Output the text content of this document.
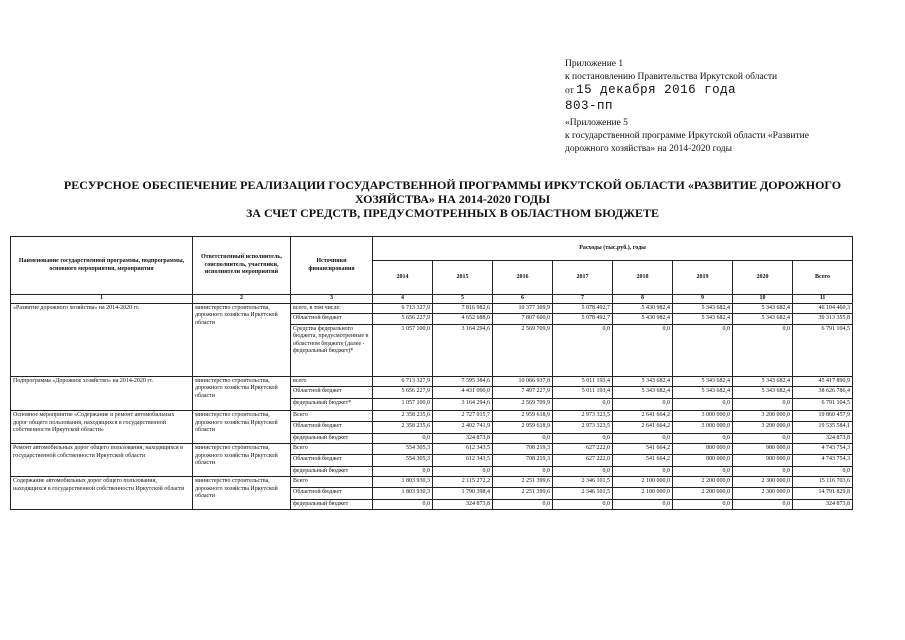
Приложение 1
к постановлению Правительства Иркутской области
от 15 декабря 2016 года
803-пп
«Приложение 5
к государственной программе Иркутской области «Развитие
дорожного хозяйства» на 2014-2020 годы
РЕСУРСНОЕ ОБЕСПЕЧЕНИЕ РЕАЛИЗАЦИИ ГОСУДАРСТВЕННОЙ ПРОГРАММЫ ИРКУТСКОЙ ОБЛАСТИ «РАЗВИТИЕ ДОРОЖНОГО
ХОЗЯЙСТВА» НА 2014-2020 ГОДЫ
ЗА СЧЕТ СРЕДСТВ, ПРЕДУСМОТРЕННЫХ В ОБЛАСТНОМ БЮДЖЕТЕ
Наименование государственной программы, подпрограммы, основного мероприятия, мероприятия	Ответственный исполнитель, соисполнитель, участники, исполнители мероприятий	Источники финансирования	Расходы (тыс.руб.), годы							
			2014	2015	2016	2017	2018	2019	2020	Всего
1	2	3	4	5	6	7	8	9	10	11
«Развитие дорожного хозяйства» на 2014-2020 гг.	министерство строительства, дорожного хозяйства Иркутской области	всего, в том числе:	6 713 327,9	7 816 982,6	10 377 309,9	5 078 492,7	5 430 982,4	5 343 682,4	5 343 682,4	46 104 460,3
		Областной бюджет	5 656 227,9	4 652 688,0	7 807 600,0	5 078 492,7	5 430 982,4	5 343 682,4	5 343 682,4	39 313 355,8
		Средства федерального бюджета, предусмотренные в областном бюджете (далее - федеральный бюджет)*	1 057 100,0	3 164 294,6	2 569 709,9	0,0	0,0	0,0	0,0	6 791 104,5
Подпрограмма «Дорожное хозяйство» на 2014-2020 гг.	министерство строительства, дорожного хозяйства Иркутской области	всего	6 713 327,9	7 595 384,6	10 066 937,8	5 011 193,4	5 343 682,4	5 343 682,4	5 343 682,4	45 417 890,9
		Областной бюджет	5 656 227,9	4 431 090,0	7 497 227,9	5 011 193,4	5 343 682,4	5 343 682,4	5 343 682,4	38 626 786,4
		федеральный бюджет*	1 057 100,0	3 164 294,6	2 569 709,9	0,0	0,0	0,0	0,0	6 791 104,5
Основное мероприятие «Содержание и ремонт автомобильных дорог общего пользования, находящихся в государственной собственности Иркутской области»	министерство строительства, дорожного хозяйства Иркутской области	Всего	2 358 235,6	2 727 015,7	2 959 618,9	2 973 323,5	2 641 664,2	3 000 000,0	3 200 000,0	19 860 457,9
		Областной бюджет	2 358 235,6	2 402 741,9	2 959 618,9	2 973 323,5	2 641 664,2	3 000 000,0	3 200 000,0	19 535 584,1
		федеральный бюджет	0,0	324 873,8	0,0	0,0	0,0	0,0	0,0	324 873,8
Ремонт автомобильных дорог общего пользования, находящихся в государственной собственности Иркутской области	министерство строительства, дорожного хозяйства Иркутской области	Всего	554 305,3	612 343,5	708 219,3	627 222,0	541 664,2	800 000,0	900 000,0	4 743 754,3
		Областной бюджет	554 305,3	612 343,5	708 219,3	627 222,0	541 664,2	800 000,0	900 000,0	4 743 754,3
		федеральный бюджет	0,0	0,0	0,0	0,0	0,0	0,0	0,0	0,0
Содержание автомобильных дорог общего пользования, находящихся в государственной собственности Иркутской области	министерство строительства, дорожного хозяйства Иркутской области	Всего	1 803 930,3	2 115 272,2	2 251 399,6	2 346 101,5	2 100 000,0	2 200 000,0	2 300 000,0	15 116 703,6
		Областной бюджет	1 803 930,3	1 790 398,4	2 251 399,6	2 346 101,5	2 100 000,0	2 200 000,0	2 300 000,0	14 791 829,8
		федеральный бюджет	0,0	324 873,8	0,0	0,0	0,0	0,0	0,0	324 873,8
